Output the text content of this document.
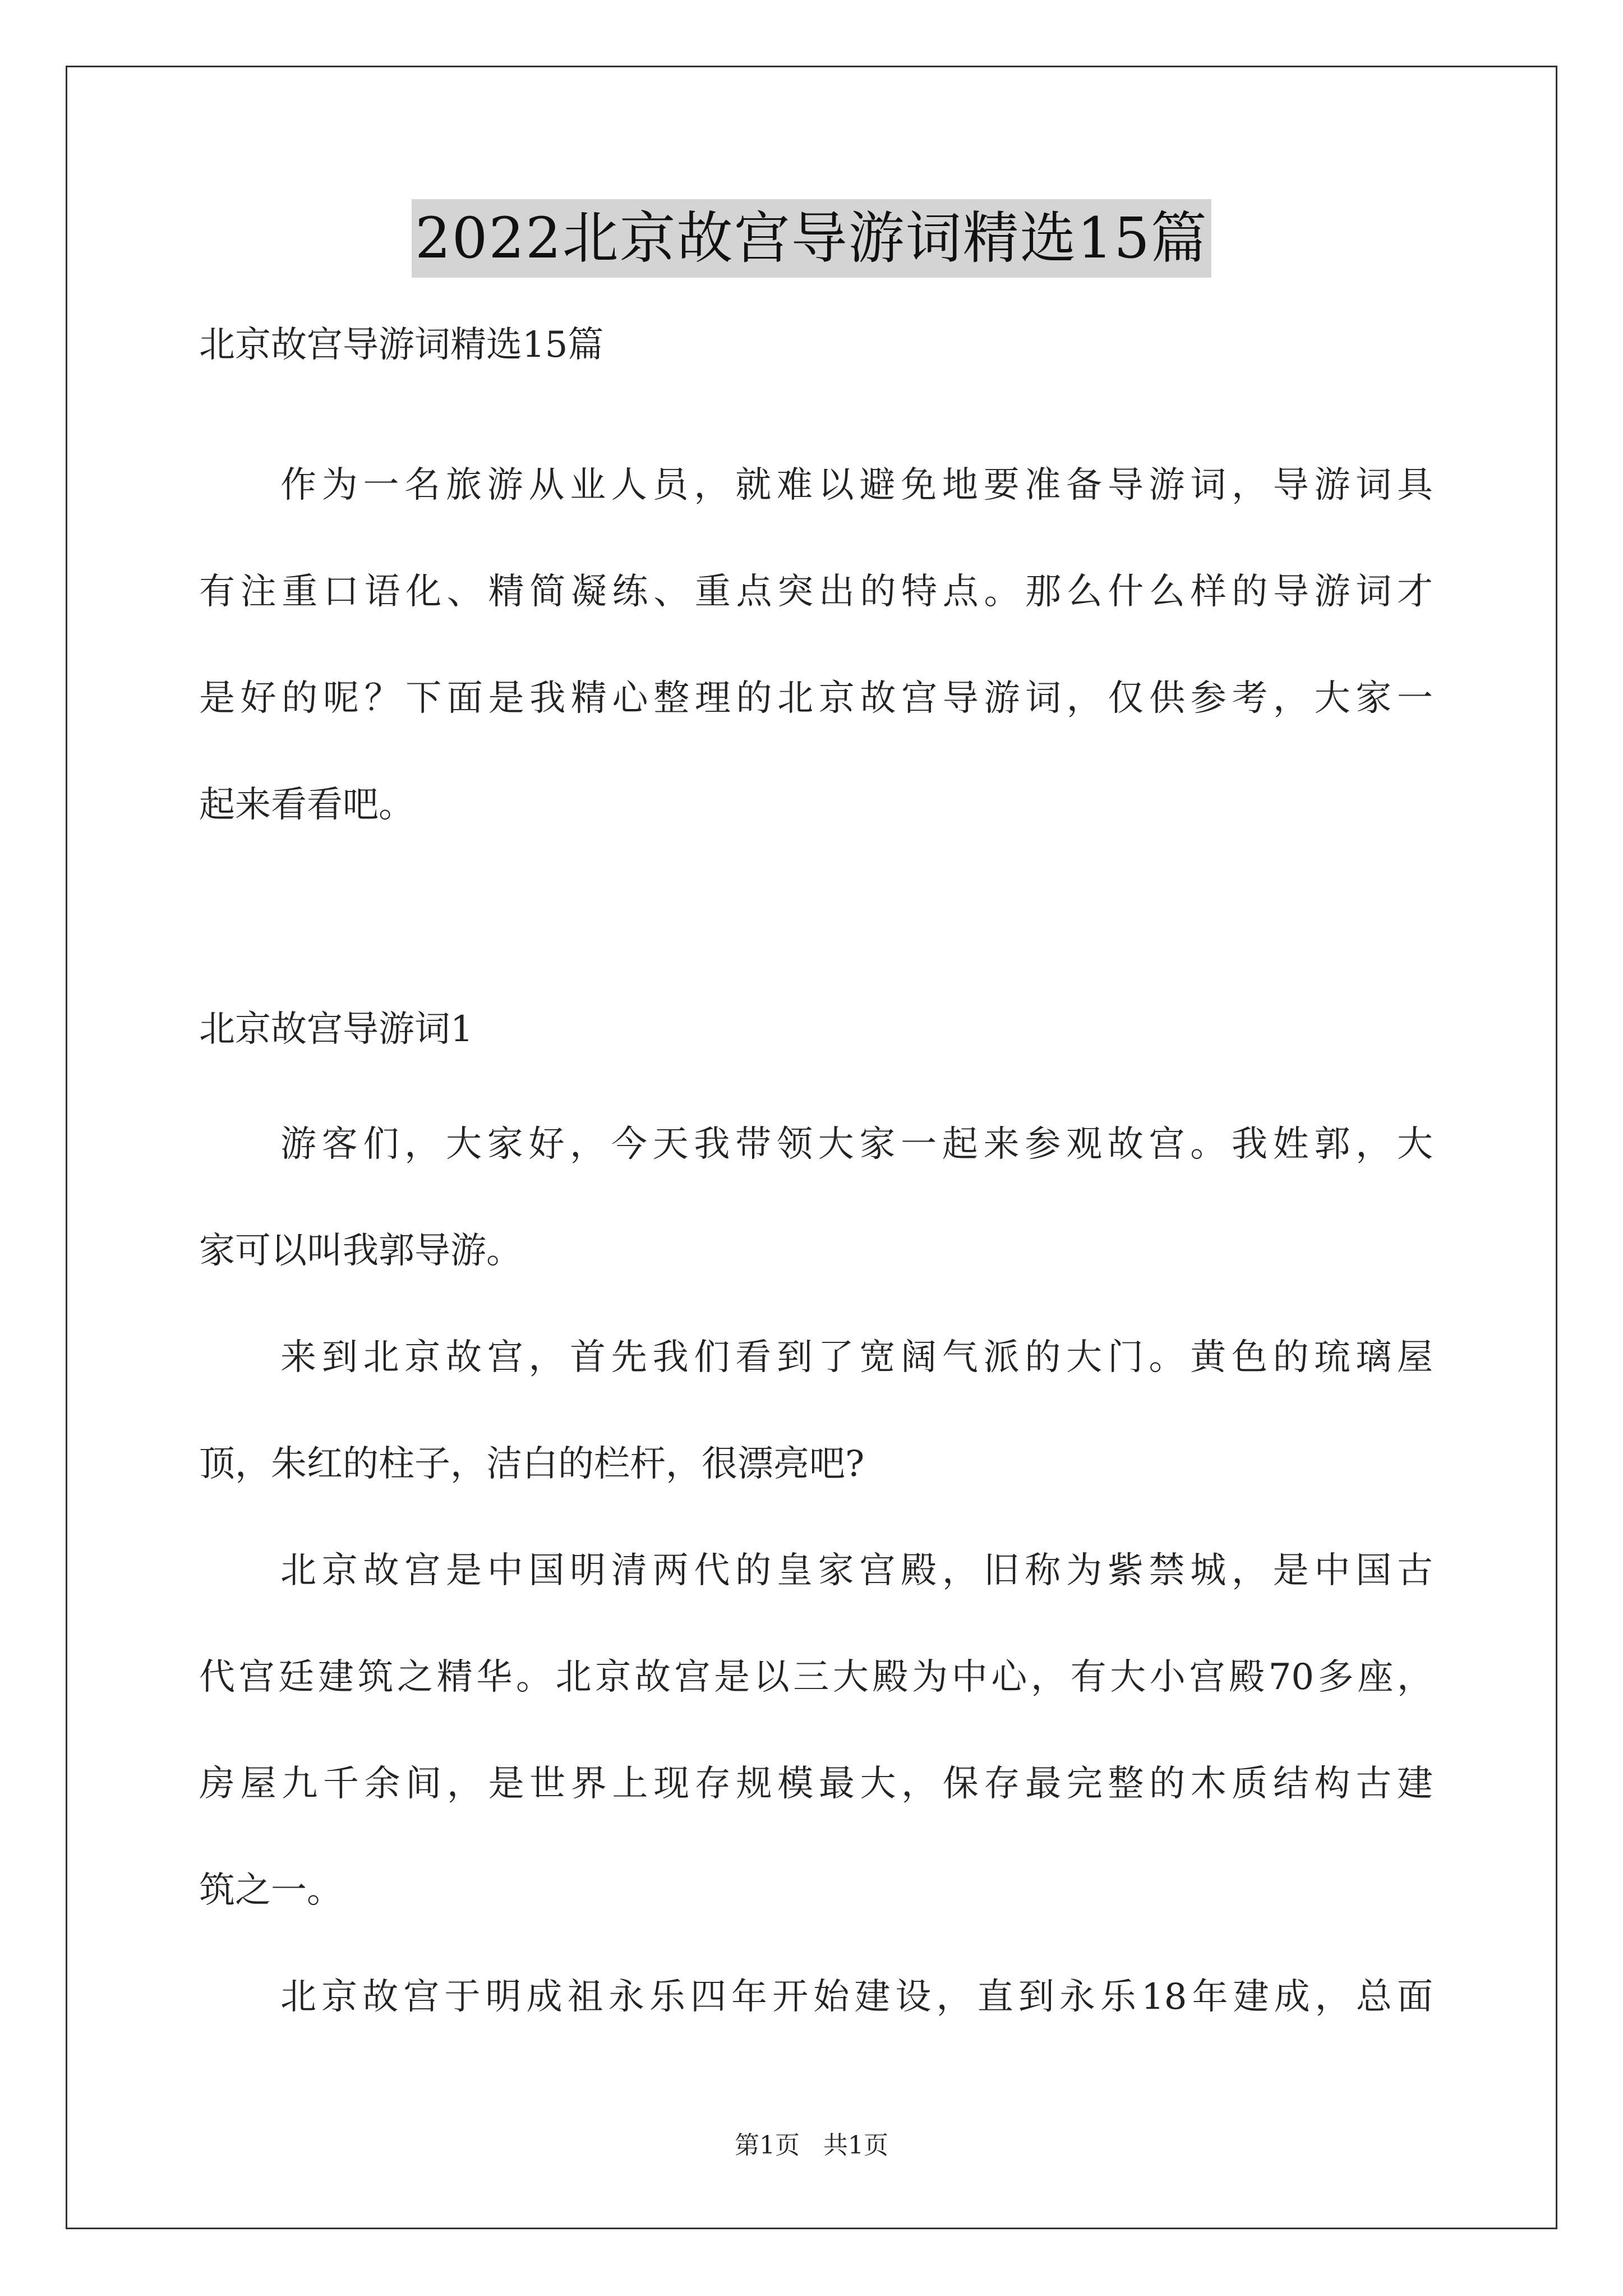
2022北京故宫导游词精选15篇
北京故宫导游词精选15篇
作为一名旅游从业人员，就难以避免地要准备导游词，导游词具
有注重口语化、精简凝练、重点突出的特点。那么什么样的导游词才
是好的呢？下面是我精心整理的北京故宫导游词，仅供参考，大家一
起来看看吧。
北京故宫导游词1
游客们，大家好，今天我带领大家一起来参观故宫。我姓郭，大
家可以叫我郭导游。
来到北京故宫，首先我们看到了宽阔气派的大门。黄色的琉璃屋
顶，朱红的柱子，洁白的栏杆，很漂亮吧?
北京故宫是中国明清两代的皇家宫殿，旧称为紫禁城，是中国古
代宫廷建筑之精华。北京故宫是以三大殿为中心，有大小宫殿70多座，
房屋九千余间，是世界上现存规模最大，保存最完整的木质结构古建
筑之一。
北京故宫于明成祖永乐四年开始建设，直到永乐18年建成，总面
第1页 共1页
